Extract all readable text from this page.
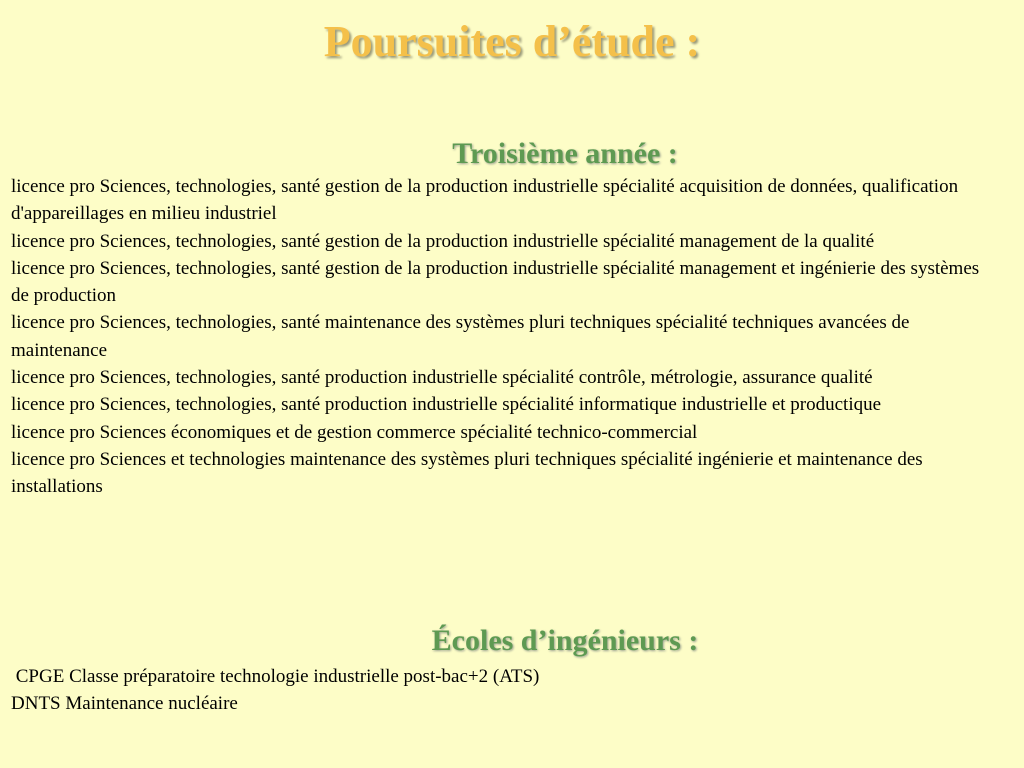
Poursuites d’étude :
Troisième année :
licence pro Sciences, technologies, santé gestion de la production industrielle spécialité acquisition de données, qualification d'appareillages en milieu industriel
licence pro Sciences, technologies, santé gestion de la production industrielle spécialité management de la qualité
licence pro Sciences, technologies, santé gestion de la production industrielle spécialité management et ingénierie des systèmes de production
licence pro Sciences, technologies, santé maintenance des systèmes pluri techniques spécialité techniques avancées de maintenance
licence pro Sciences, technologies, santé production industrielle spécialité contrôle, métrologie, assurance qualité
licence pro Sciences, technologies, santé production industrielle spécialité informatique industrielle et productique
licence pro Sciences économiques et de gestion commerce spécialité technico-commercial
licence pro Sciences et technologies maintenance des systèmes pluri techniques spécialité ingénierie et maintenance des installations
Écoles d’ingénieurs :
CPGE Classe préparatoire technologie industrielle post-bac+2 (ATS)
DNTS Maintenance nucléaire
